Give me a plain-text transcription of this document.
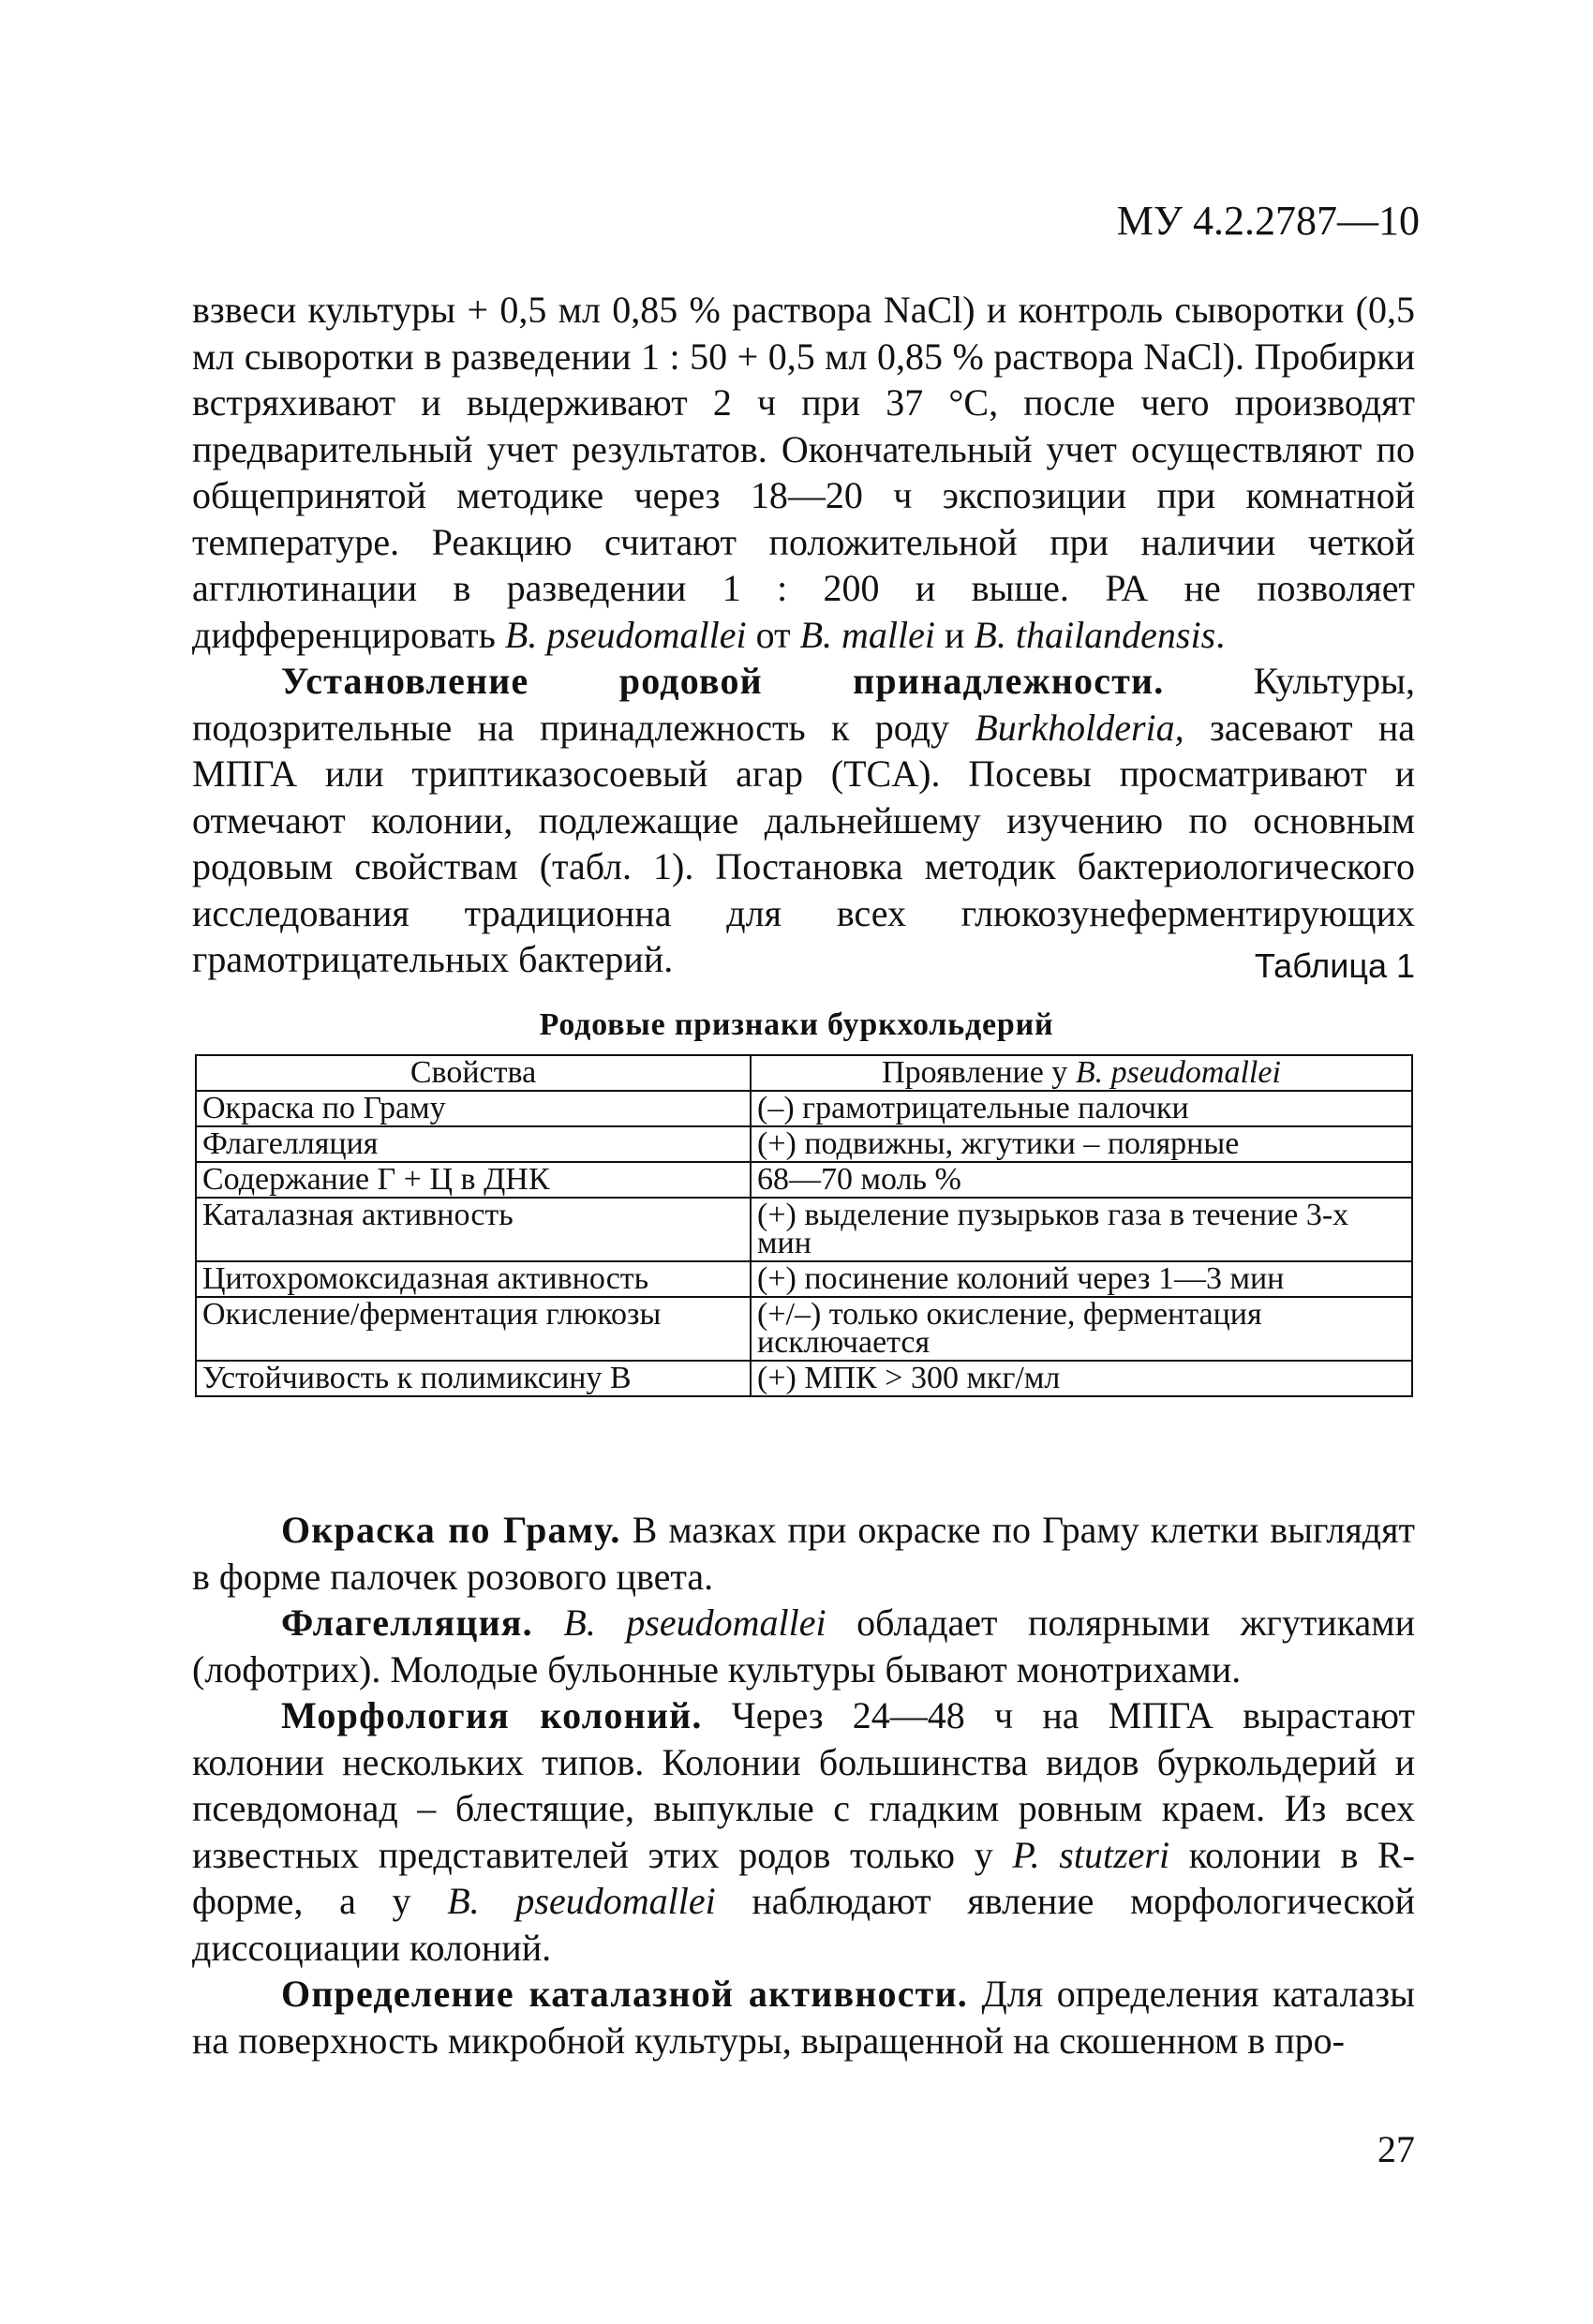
МУ 4.2.2787—10
взвеси культуры + 0,5 мл 0,85 % раствора NaCl) и контроль сыворотки (0,5 мл сыворотки в разведении 1 : 50 + 0,5 мл 0,85 % раствора NaCl). Пробирки встряхивают и выдерживают 2 ч при 37 °С, после чего производят предварительный учет результатов. Окончательный учет осуществляют по общепринятой методике через 18—20 ч экспозиции при комнатной температуре. Реакцию считают положительной при наличии четкой агглютинации в разведении 1 : 200 и выше. РА не позволяет дифференцировать B. pseudomallei от B. mallei и B. thailandensis.
Установление родовой принадлежности. Культуры, подозрительные на принадлежность к роду Burkholderia, засевают на МПГА или триптиказосоевый агар (TCA). Посевы просматривают и отмечают колонии, подлежащие дальнейшему изучению по основным родовым свойствам (табл. 1). Постановка методик бактериологического исследования традиционна для всех глюкозунеферментирующих грамотрицательных бактерий.	Таблица 1
Родовые признаки буркхольдерий
Свойства	Проявление у B. pseudomallei
Окраска по Граму	(–) грамотрицательные палочки
Флагелляция	(+) подвижны, жгутики – полярные
Содержание Г + Ц в ДНК	68—70 моль %
Каталазная активность	(+) выделение пузырьков газа в течение 3-х мин
Цитохромоксидазная активность	(+) посинение колоний через 1—3 мин
Окисление/ферментация глюкозы	(+/–) только окисление, ферментация исключается
Устойчивость к полимиксину В	(+) МПК > 300 мкг/мл
Окраска по Граму. В мазках при окраске по Граму клетки выглядят в форме палочек розового цвета.
Флагелляция. B. pseudomallei обладает полярными жгутиками (лофотрих). Молодые бульонные культуры бывают монотрихами.
Морфология колоний. Через 24—48 ч на МПГА вырастают колонии нескольких типов. Колонии большинства видов буркольдерий и псевдомонад – блестящие, выпуклые с гладким ровным краем. Из всех известных представителей этих родов только у P. stutzeri колонии в R-форме, а у B. pseudomallei наблюдают явление морфологической диссоциации колоний.
Определение каталазной активности. Для определения каталазы на поверхность микробной культуры, выращенной на скошенном в про-
27
